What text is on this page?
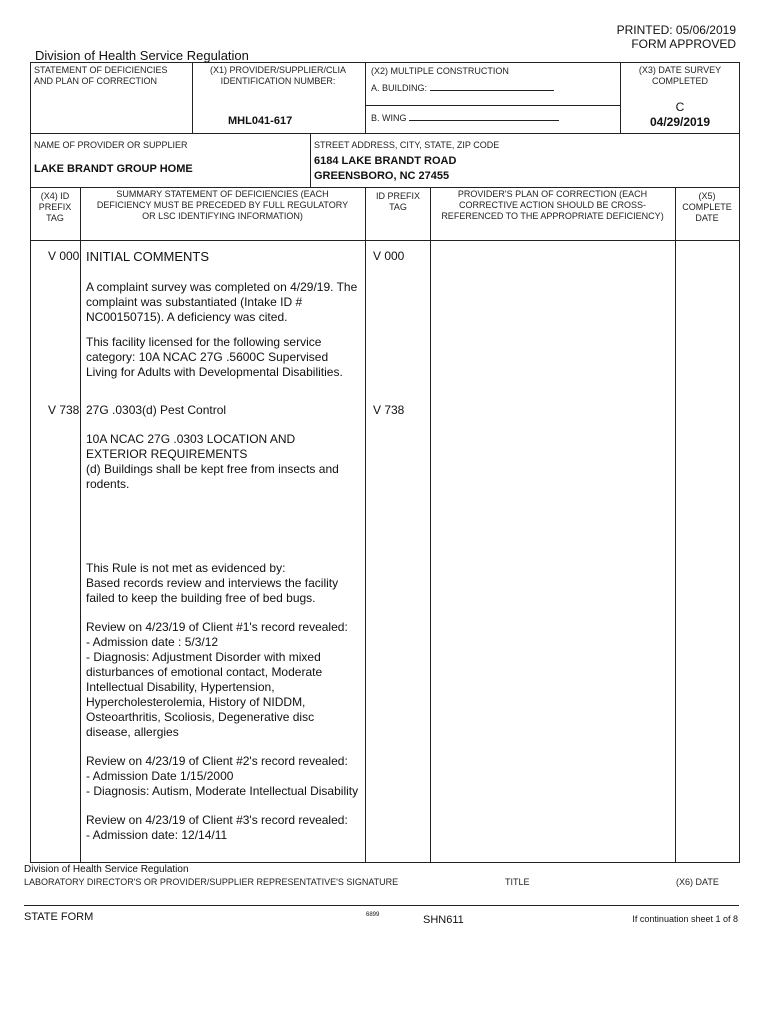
PRINTED: 05/06/2019
FORM APPROVED
Division of Health Service Regulation
STATEMENT OF DEFICIENCIES AND PLAN OF CORRECTION
(X1) PROVIDER/SUPPLIER/CLIA IDENTIFICATION NUMBER:
MHL041-617
(X2) MULTIPLE CONSTRUCTION
A. BUILDING:
B. WING
(X3) DATE SURVEY COMPLETED
C
04/29/2019
NAME OF PROVIDER OR SUPPLIER
LAKE BRANDT GROUP HOME
STREET ADDRESS, CITY, STATE, ZIP CODE
6184 LAKE BRANDT ROAD
GREENSBORO, NC 27455
(X4) ID PREFIX TAG
SUMMARY STATEMENT OF DEFICIENCIES (EACH DEFICIENCY MUST BE PRECEDED BY FULL REGULATORY OR LSC IDENTIFYING INFORMATION)
ID PREFIX TAG
PROVIDER'S PLAN OF CORRECTION (EACH CORRECTIVE ACTION SHOULD BE CROSS-REFERENCED TO THE APPROPRIATE DEFICIENCY)
(X5) COMPLETE DATE
V 000	V 000
INITIAL COMMENTS
A complaint survey was completed on 4/29/19. The complaint was substantiated (Intake ID # NC00150715). A deficiency was cited.
This facility licensed for the following service category: 10A NCAC 27G .5600C Supervised Living for Adults with Developmental Disabilities.
V 738	V 738
27G .0303(d) Pest Control
10A NCAC 27G .0303 LOCATION AND EXTERIOR REQUIREMENTS
(d) Buildings shall be kept free from insects and rodents.
This Rule is not met as evidenced by:
Based records review and interviews the facility failed to keep the building free of bed bugs.
Review on 4/23/19 of Client #1's record revealed:
- Admission date : 5/3/12
- Diagnosis: Adjustment Disorder with mixed disturbances of emotional contact, Moderate Intellectual Disability, Hypertension, Hypercholesterolemia, History of NIDDM, Osteoarthritis, Scoliosis, Degenerative disc disease, allergies
Review on 4/23/19 of Client #2's record revealed:
- Admission Date 1/15/2000
- Diagnosis: Autism, Moderate Intellectual Disability
Review on 4/23/19 of Client #3's record revealed:
- Admission date: 12/14/11
Division of Health Service Regulation
LABORATORY DIRECTOR'S OR PROVIDER/SUPPLIER REPRESENTATIVE'S SIGNATURE	TITLE	(X6) DATE
STATE FORM	6899	SHN611	If continuation sheet 1 of 8
